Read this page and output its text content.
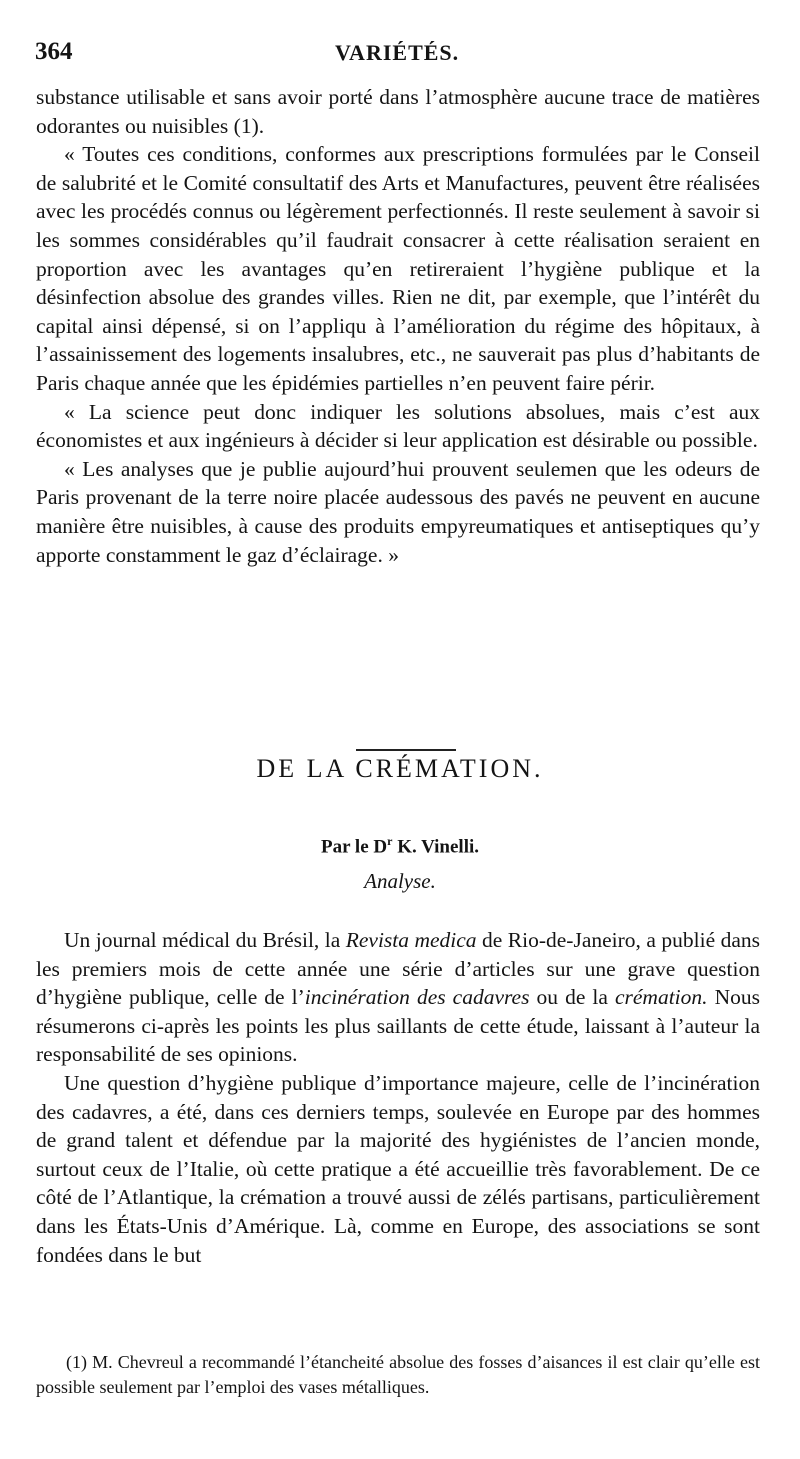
364	VARIÉTÉS.

substance utilisable et sans avoir porté dans l’atmosphère aucune trace de matières odorantes ou nuisibles (1).

« Toutes ces conditions, conformes aux prescriptions formulées par le Conseil de salubrité et le Comité consultatif des Arts et Manufactures, peuvent être réalisées avec les procédés connus ou légèrement perfectionnés. Il reste seulement à savoir si les sommes considérables qu’il faudrait consacrer à cette réalisation seraient en proportion avec les avantages qu’en retireraient l’hygiène publique et la désinfection absolue des grandes villes. Rien ne dit, par exemple, que l’intérêt du capital ainsi dépensé, si on l’appliqu à l’amélioration du régime des hôpitaux, à l’assainissement des logements insalubres, etc., ne sauverait pas plus d’habitants de Paris chaque année que les épidémies partielles n’en peuvent faire périr.

« La science peut donc indiquer les solutions absolues, mais c’est aux économistes et aux ingénieurs à décider si leur application est désirable ou possible.

« Les analyses que je publie aujourd’hui prouvent seulemen que les odeurs de Paris provenant de la terre noire placée audessous des pavés ne peuvent en aucune manière être nuisibles, à cause des produits empyreumatiques et antiseptiques qu’y apporte constamment le gaz d’éclairage. »

DE LA CRÉMATION.
Par le $D^r$ K. Vinelli.
Analyse.

Un journal médical du Brésil, la Revista medica de Rio-de-Janeiro, a publié dans les premiers mois de cette année une série d’articles sur une grave question d’hygiène publique, celle de l’incinération des cadavres ou de la crémation. Nous résumerons ci-après les points les plus saillants de cette étude, laissant à l’auteur la responsabilité de ses opinions.

Une question d’hygiène publique d’importance majeure, celle de l’incinération des cadavres, a été, dans ces derniers temps, soulevée en Europe par des hommes de grand talent et défendue par la majorité des hygiénistes de l’ancien monde, surtout ceux de l’Italie, où cette pratique a été accueillie très favorablement. De ce côté de l’Atlantique, la crémation a trouvé aussi de zélés partisans, particulièrement dans les États-Unis d’Amérique. Là, comme en Europe, des associations se sont fondées dans le but

(1) M. Chevreul a recommandé l’étancheité absolue des fosses d’aisances il est clair qu’elle est possible seulement par l’emploi des vases métalliques.
